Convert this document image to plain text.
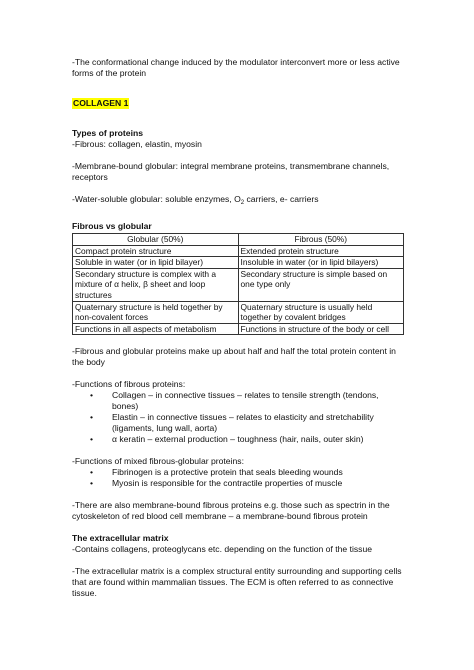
-The conformational change induced by the modulator interconvert more or less active forms of the protein

COLLAGEN 1

Types of proteins

-Fibrous: collagen, elastin, myosin

-Membrane-bound globular: integral membrane proteins, transmembrane channels, receptors

-Water-soluble globular: soluble enzymes, $O_2$ carriers, e- carriers

Fibrous vs globular

Globular (50%)	Fibrous (50%)
Compact protein structure	Extended protein structure
Soluble in water (or in lipid bilayer)	Insoluble in water (or in lipid bilayers)
Secondary structure is complex with a mixture of α helix, β sheet and loop structures	Secondary structure is simple based on one type only
Quaternary structure is held together by non-covalent forces	Quaternary structure is usually held together by covalent bridges
Functions in all aspects of metabolism	Functions in structure of the body or cell

-Fibrous and globular proteins make up about half and half the total protein content in the body

-Functions of fibrous proteins:

• Collagen – in connective tissues – relates to tensile strength (tendons, bones)
• Elastin – in connective tissues – relates to elasticity and stretchability (ligaments, lung wall, aorta)
• α keratin – external production – toughness (hair, nails, outer skin)

-Functions of mixed fibrous-globular proteins:

• Fibrinogen is a protective protein that seals bleeding wounds
• Myosin is responsible for the contractile properties of muscle

-There are also membrane-bound fibrous proteins e.g. those such as spectrin in the cytoskeleton of red blood cell membrane – a membrane-bound fibrous protein

The extracellular matrix

-Contains collagens, proteoglycans etc. depending on the function of the tissue

-The extracellular matrix is a complex structural entity surrounding and supporting cells that are found within mammalian tissues. The ECM is often referred to as connective tissue.
